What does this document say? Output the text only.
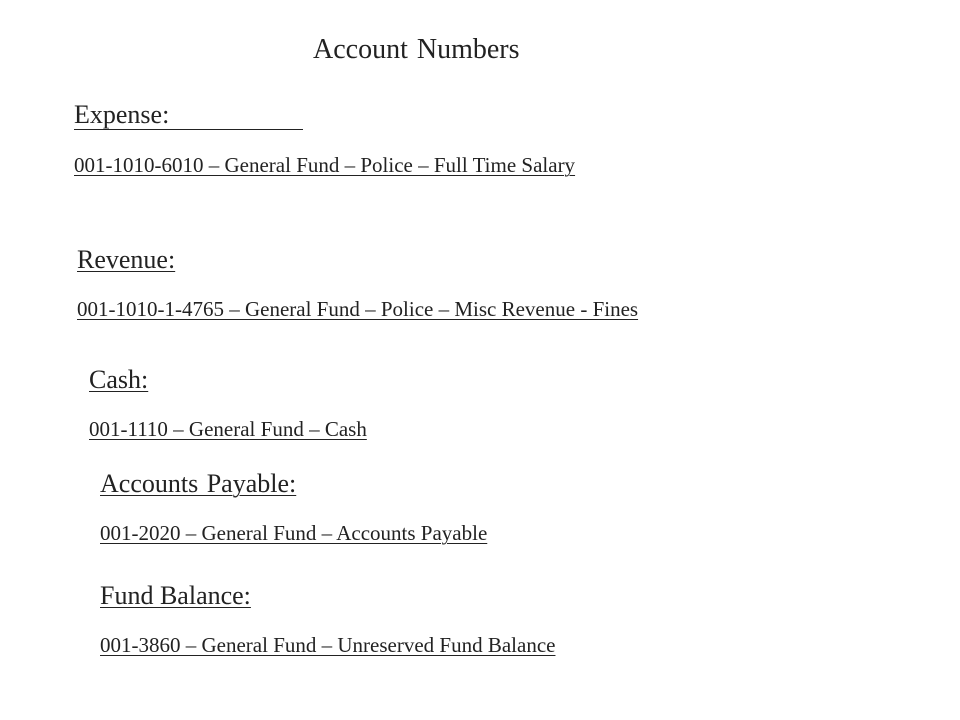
Account Numbers
Expense:
001-1010-6010 – General Fund – Police – Full Time Salary
Revenue:
001-1010-1-4765 – General Fund – Police – Misc Revenue - Fines
Cash:
001-1110 – General Fund – Cash
Accounts Payable:
001-2020 – General Fund – Accounts Payable
Fund Balance:
001-3860 – General Fund – Unreserved Fund Balance
